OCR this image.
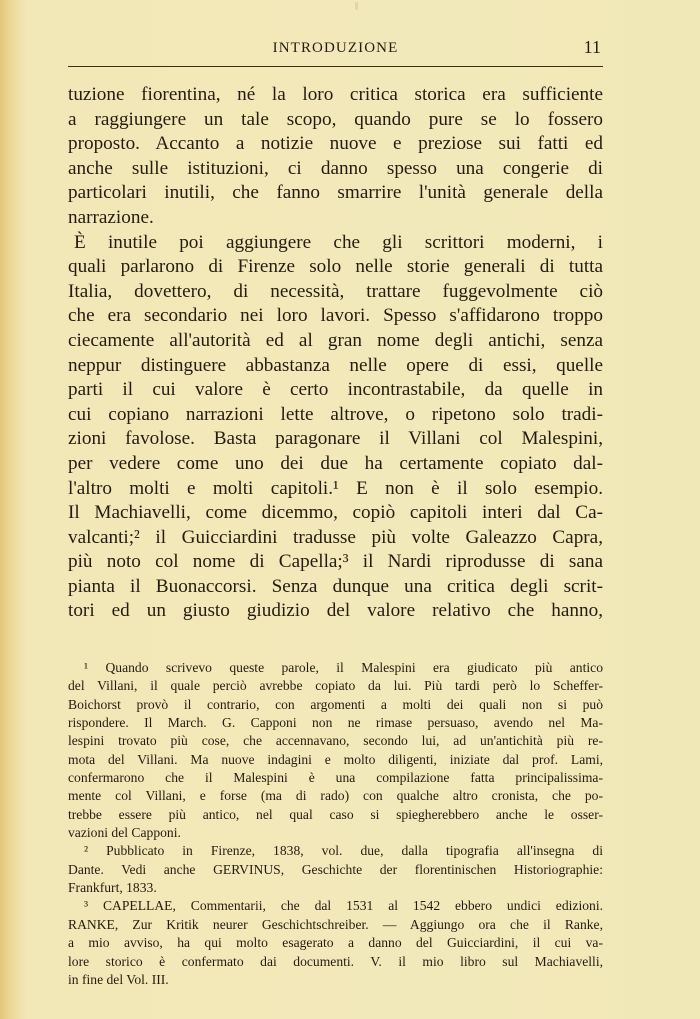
INTRODUZIONE	11
tuzione fiorentina, né la loro critica storica era sufficiente
a raggiungere un tale scopo, quando pure se lo fossero
proposto. Accanto a notizie nuove e preziose sui fatti ed
anche sulle istituzioni, ci danno spesso una congerie di
particolari inutili, che fanno smarrire l'unità generale della
narrazione.
È inutile poi aggiungere che gli scrittori moderni, i
quali parlarono di Firenze solo nelle storie generali di tutta
Italia, dovettero, di necessità, trattare fuggevolmente ciò
che era secondario nei loro lavori. Spesso s'affidarono troppo
ciecamente all'autorità ed al gran nome degli antichi, senza
neppur distinguere abbastanza nelle opere di essi, quelle
parti il cui valore è certo incontrastabile, da quelle in
cui copiano narrazioni lette altrove, o ripetono solo tradi-
zioni favolose. Basta paragonare il Villani col Malespini,
per vedere come uno dei due ha certamente copiato dal-
l'altro molti e molti capitoli.¹ E non è il solo esempio.
Il Machiavelli, come dicemmo, copiò capitoli interi dal Ca-
valcanti;² il Guicciardini tradusse più volte Galeazzo Capra,
più noto col nome di Capella;³ il Nardi riprodusse di sana
pianta il Buonaccorsi. Senza dunque una critica degli scrit-
tori ed un giusto giudizio del valore relativo che hanno,
¹ Quando scrivevo queste parole, il Malespini era giudicato più antico
del Villani, il quale perciò avrebbe copiato da lui. Più tardi però lo Scheffer-
Boichorst provò il contrario, con argomenti a molti dei quali non si può
rispondere. Il March. G. Capponi non ne rimase persuaso, avendo nel Ma-
lespini trovato più cose, che accennavano, secondo lui, ad un'antichità più re-
mota del Villani. Ma nuove indagini e molto diligenti, iniziate dal prof. Lami,
confermarono che il Malespini è una compilazione fatta principalissima-
mente col Villani, e forse (ma di rado) con qualche altro cronista, che po-
trebbe essere più antico, nel qual caso si spiegherebbero anche le osser-
vazioni del Capponi.
² Pubblicato in Firenze, 1838, vol. due, dalla tipografia all'insegna di
Dante. Vedi anche GERVINUS, Geschichte der florentinischen Historiographie:
Frankfurt, 1833.
³ CAPELLAE, Commentarii, che dal 1531 al 1542 ebbero undici edizioni.
RANKE, Zur Kritik neurer Geschichtschreiber. — Aggiungo ora che il Ranke,
a mio avviso, ha qui molto esagerato a danno del Guicciardini, il cui va-
lore storico è confermato dai documenti. V. il mio libro sul Machiavelli,
in fine del Vol. III.
